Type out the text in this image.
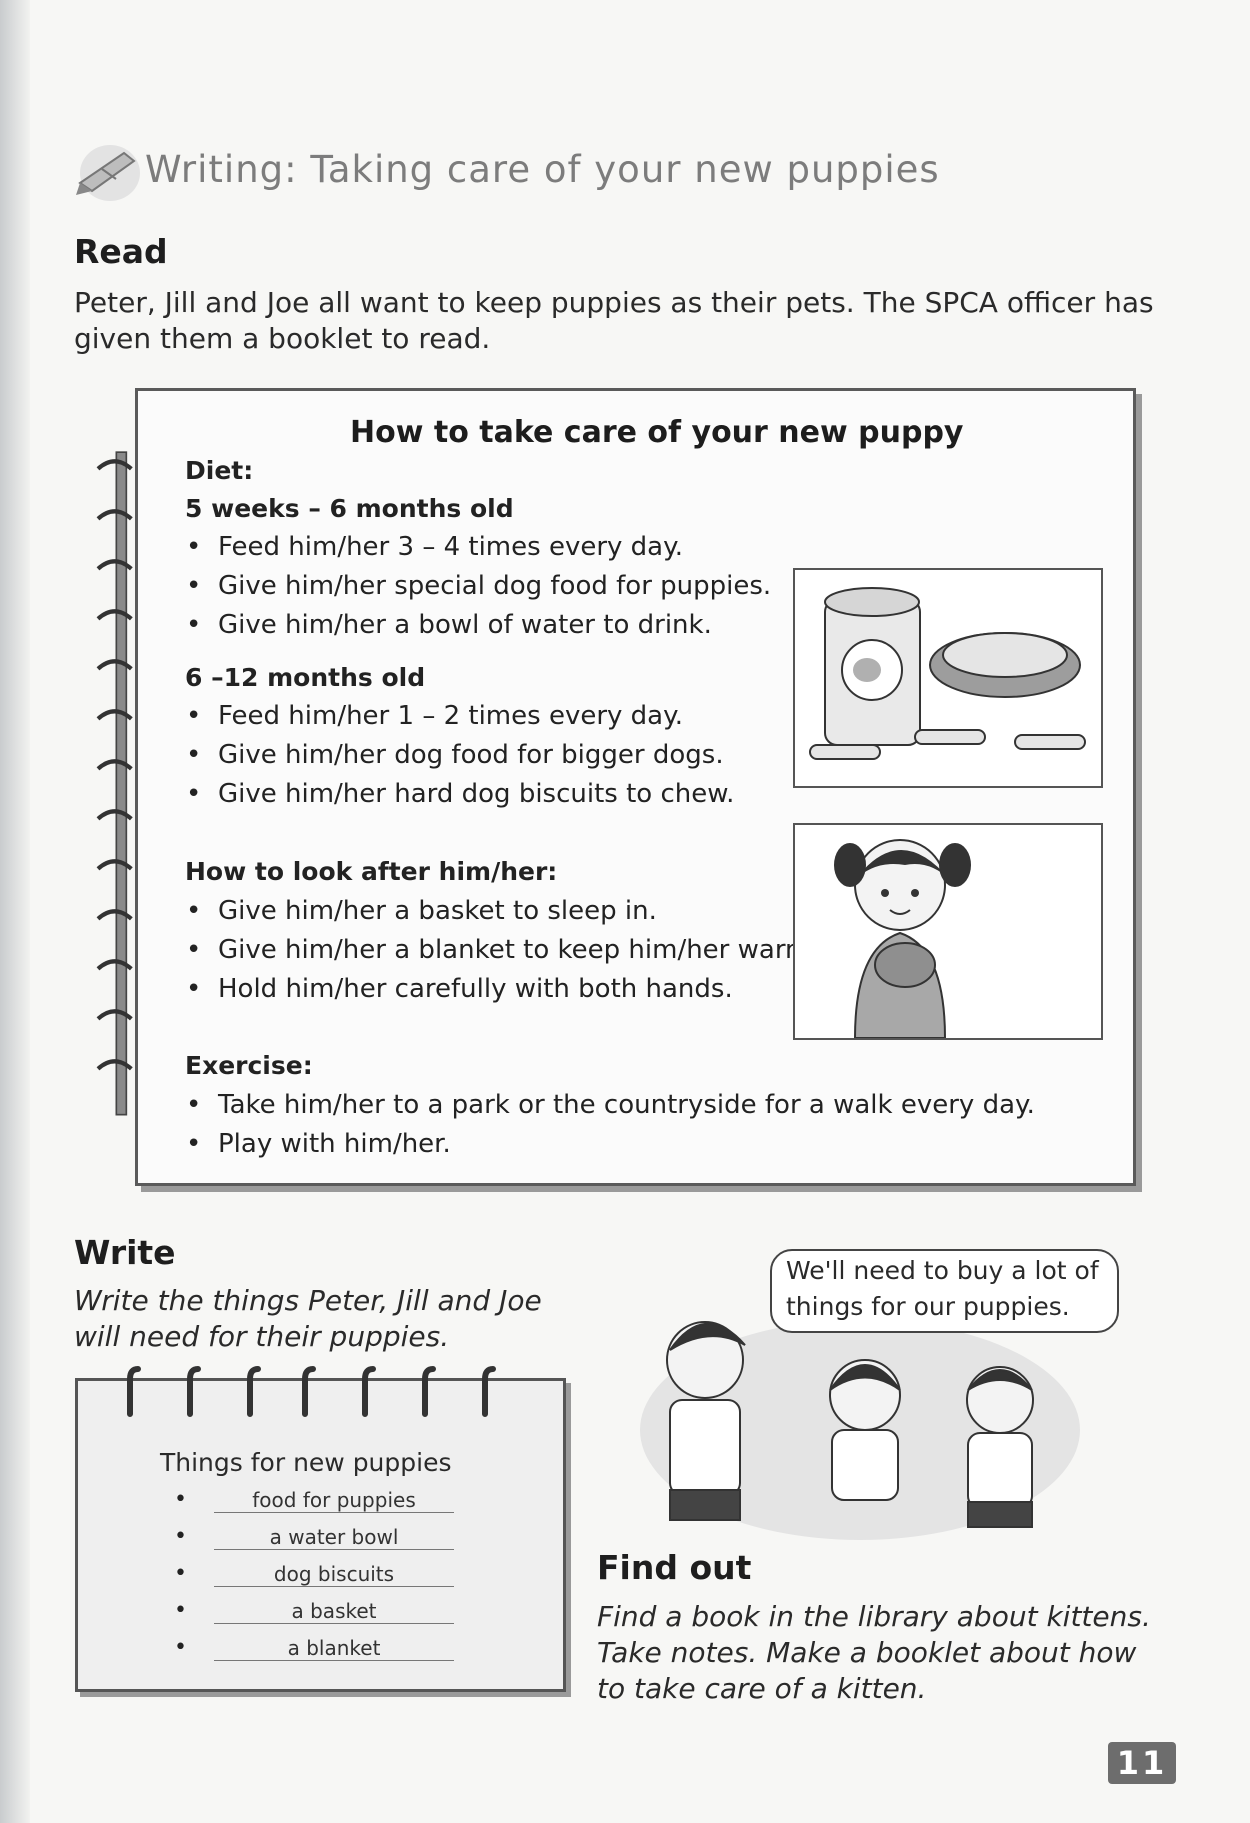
Writing: Taking care of your new puppies
Read
Peter, Jill and Joe all want to keep puppies as their pets. The SPCA officer has
given them a booklet to read.
How to take care of your new puppy
Diet:
5 weeks – 6 months old
• Feed him/her 3 – 4 times every day.
• Give him/her special dog food for puppies.
• Give him/her a bowl of water to drink.
6 –12 months old
• Feed him/her 1 – 2 times every day.
• Give him/her dog food for bigger dogs.
• Give him/her hard dog biscuits to chew.
How to look after him/her:
• Give him/her a basket to sleep in.
• Give him/her a blanket to keep him/her warm.
• Hold him/her carefully with both hands.
Exercise:
• Take him/her to a park or the countryside for a walk every day.
• Play with him/her.
Write
Write the things Peter, Jill and Joe
will need for their puppies.
Things for new puppies
•	food for puppies
•	a water bowl
•	dog biscuits
•	a basket
•	a blanket
We'll need to buy a lot of
things for our puppies.
Find out
Find a book in the library about kittens.
Take notes. Make a booklet about how
to take care of a kitten.
11
